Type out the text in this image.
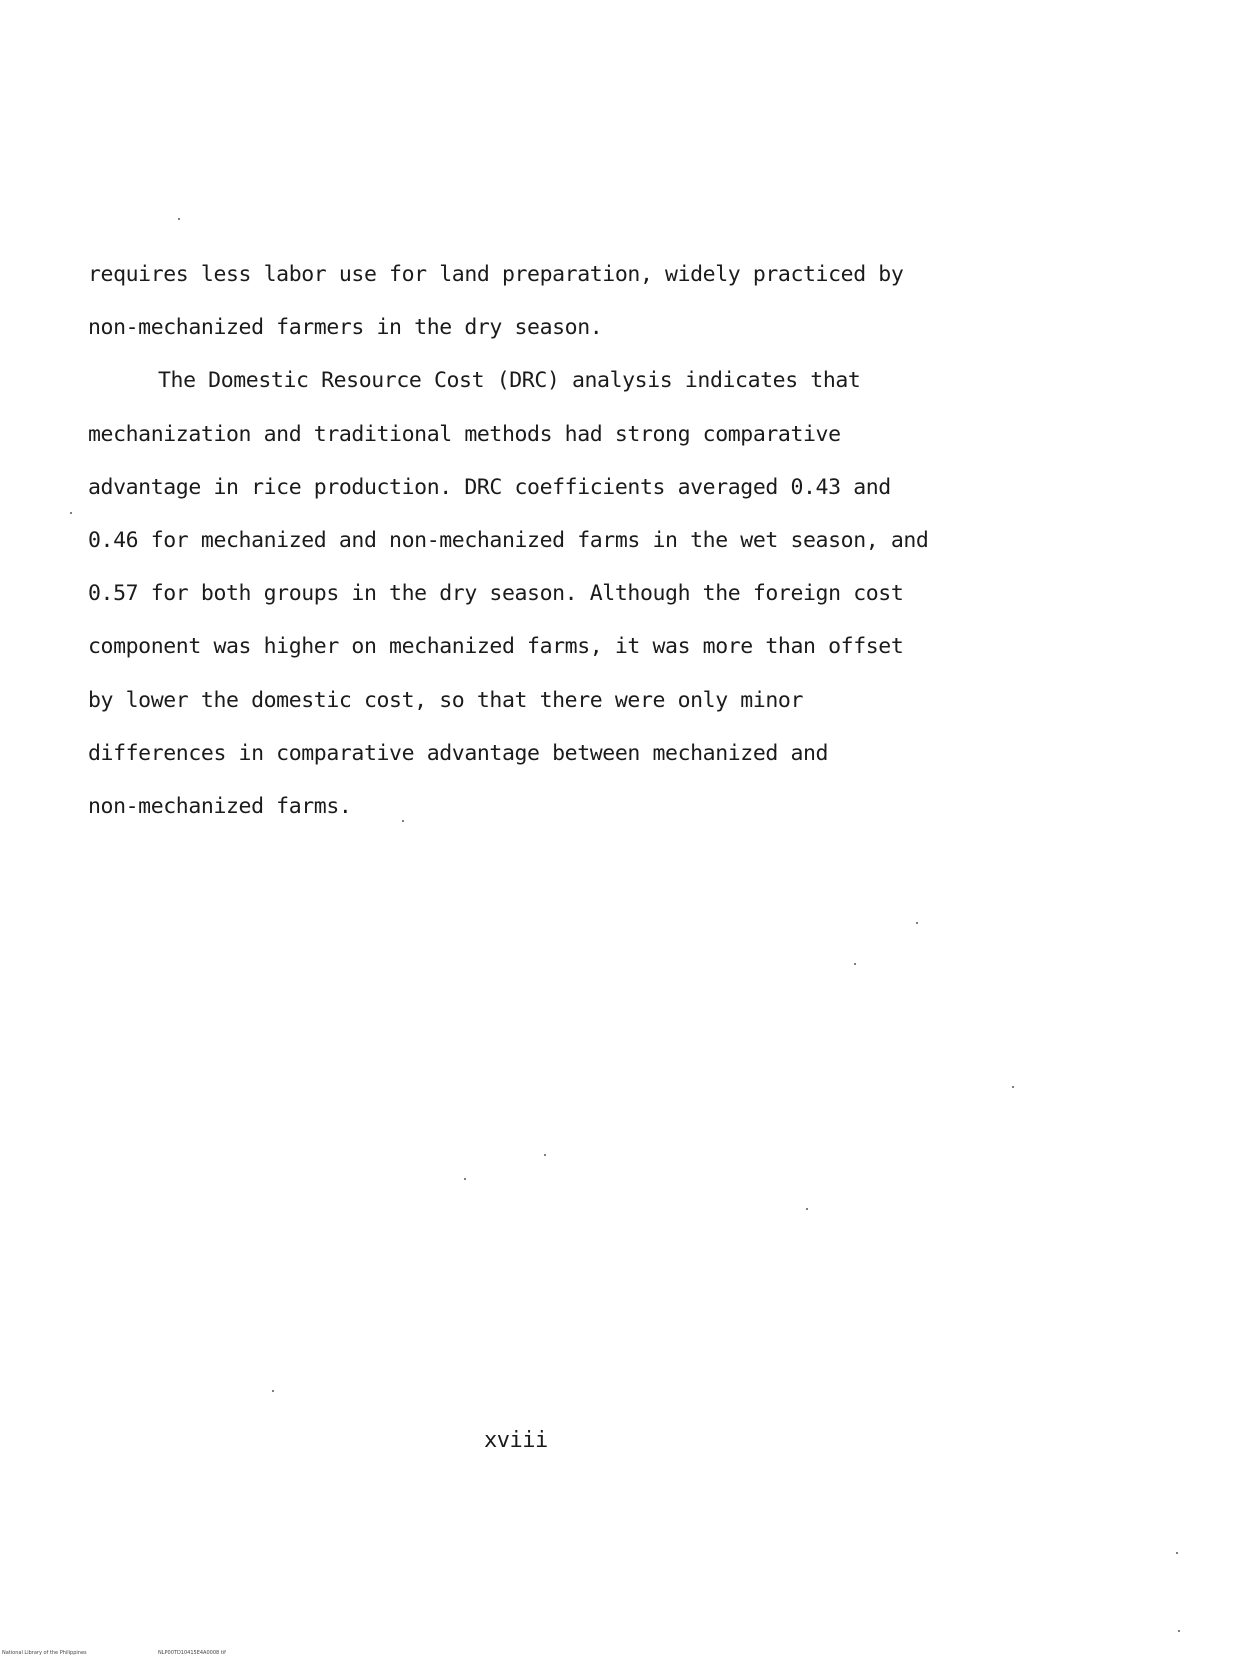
requires less labor use for land preparation, widely practiced by
non-mechanized farmers in the dry season.
The Domestic Resource Cost (DRC) analysis indicates that
mechanization and traditional methods had strong comparative
advantage in rice production. DRC coefficients averaged 0.43 and
0.46 for mechanized and non-mechanized farms in the wet season, and
0.57 for both groups in the dry season. Although the foreign cost
component was higher on mechanized farms, it was more than offset
by lower the domestic cost, so that there were only minor
differences in comparative advantage between mechanized and
non-mechanized farms.
xviii
National Library of the Philippines	NLP00TD10415E4A0008 tif
